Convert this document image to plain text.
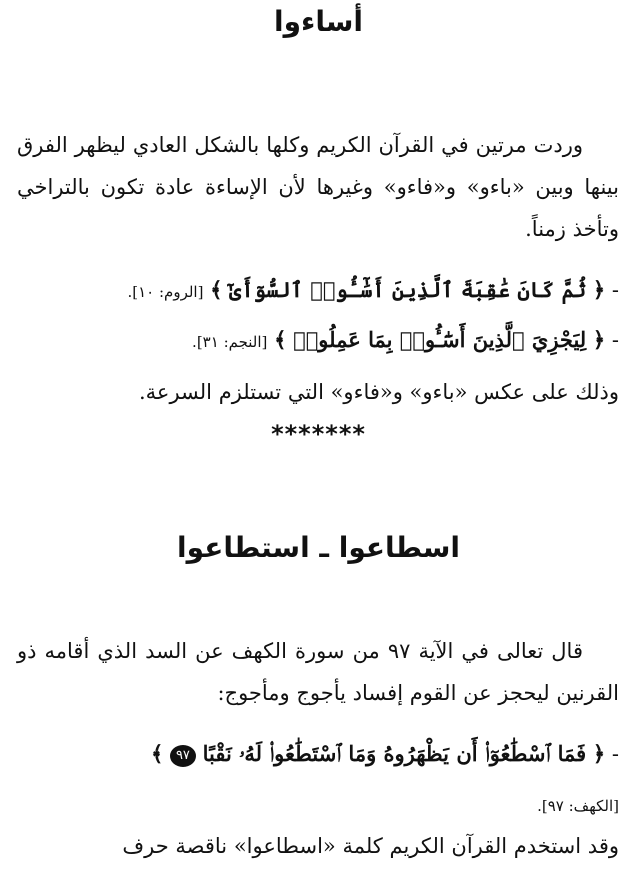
أساءوا

وردت مرتين في القرآن الكريم وكلها بالشكل العادي ليظهر الفرق بينها وبين «باءو» و«فاءو» وغيرها لأن الإساءة عادة تكون بالتراخي وتأخذ زمناً.

- ﴿ ثُمَّ كَانَ عَٰقِبَةَ ٱلَّذِينَ أَسَٰٓـُٔوا۟ ٱلسُّوٓأَىٰٓ ﴾ [الروم: ١٠].
- ﴿ لِيَجْزِيَ ٱلَّذِينَ أَسَٰٓـُٔوا۟ بِمَا عَمِلُوا۟ ﴾ [النجم: ٣١].

وذلك على عكس «باءو» و«فاءو» التي تستلزم السرعة.

*******

اسطاعوا ـ استطاعوا

قال تعالى في الآية ٩٧ من سورة الكهف عن السد الذي أقامه ذو القرنين ليحجز عن القوم إفساد يأجوج ومأجوج:

- ﴿ فَمَا ٱسْطَٰعُوٓا۟ أَن يَظْهَرُوهُ وَمَا ٱسْتَطَٰعُوا۟ لَهُۥ نَقْبًا ٩٧ ﴾

[الكهف: ٩٧].

وقد استخدم القرآن الكريم كلمة «اسطاعوا» ناقصة حرف
